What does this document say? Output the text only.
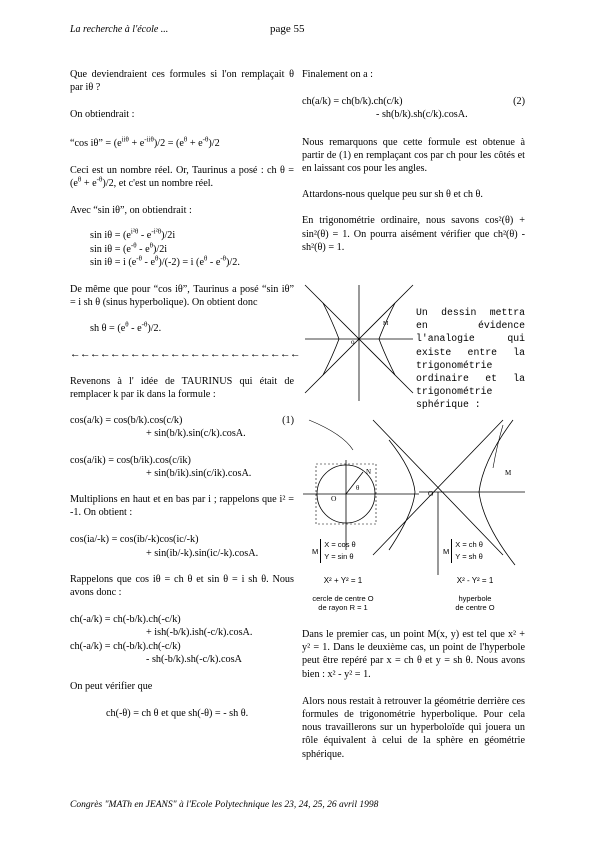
La recherche à l'école ...	page 55

Que deviendraient ces formules si l'on remplaçait θ par iθ ?

On obtiendrait :

“cos iθ” = $(e^{ii\theta} + e^{-ii\theta})/2 = (e^\theta + e^{-\theta})/2$

Ceci est un nombre réel. Or, Taurinus a posé : ch $\theta = (e^\theta + e^{-\theta})/2$, et c'est un nombre réel.

Avec “sin iθ”, on obtiendrait :

$\sin i\theta = (e^{i^2\theta} - e^{-i^2\theta})/2i$

$\sin i\theta = (e^{-\theta} - e^\theta)/2i$

sin iθ = i $(e^{-\theta} - e^\theta)/(-2) = i$ $(e^\theta - e^{-\theta})/2$.

De même que pour “cos iθ”, Taurinus a posé “sin iθ” = i sh θ (sinus hyperbolique). On obtient donc

sh $\theta = (e^\theta - e^{-\theta})/2$.

←←←←←←←←←←←←←←←←←←←←←←←

Revenons à l' idée de TAURINUS qui était de remplacer k par ik dans la formule :

cos(a/k) = cos(b/k).cos(c/k)	(1)

+ sin(b/k).sin(c/k).cosA.

cos(a/ik) = cos(b/ik).cos(c/ik)

+ sin(b/ik).sin(c/ik).cosA.

Multiplions en haut et en bas par i ; rappelons que i² = -1. On obtient :

cos(ia/-k) = cos(ib/-k)cos(ic/-k)

+ sin(ib/-k).sin(ic/-k).cosA.

Rappelons que cos iθ = ch θ et sin θ = i sh θ. Nous avons donc :

ch(-a/k) = ch(-b/k).ch(-c/k)

+ ish(-b/k).ish(-c/k).cosA.

ch(-a/k) = ch(-b/k).ch(-c/k)

- sh(-b/k).sh(-c/k).cosA

On peut vérifier que

ch(-θ) = ch θ et que sh(-θ) = - sh θ.

Finalement on a :

ch(a/k) = ch(b/k).ch(c/k)	(2)

- sh(b/k).sh(c/k).cosA.

Nous remarquons que cette formule est obtenue à partir de (1) en remplaçant cos par ch pour les côtés et en laissant cos pour les angles.

Attardons-nous quelque peu sur sh θ et ch θ.

En trigonométrie ordinaire, nous savons cos²(θ) + sin²(θ) = 1. On pourra aisément vérifier que ch²(θ) - sh²(θ) = 1.

o
M
Un dessin mettra en évidence l'analogie qui existe entre la trigonométrie ordinaire et la trigonométrie sphérique :
O
O
N
θ
M
M
X = cos θ
Y = sin θ
M
X = ch θ
Y = sh θ
X² + Y² = 1	X² - Y² = 1
cercle de centre O
de rayon R = 1
hyperbole
de centre O

Dans le premier cas, un point M(x, y) est tel que x² + y² = 1. Dans le deuxième cas, un point de l'hyperbole peut être repéré par x = ch θ et y = sh θ. Nous avons bien : x² - y² = 1.

Alors nous restait à retrouver la géométrie derrière ces formules de trigonométrie hyperbolique. Pour cela nous travaillerons sur un hyperboloïde qui jouera un rôle équivalent à celui de la sphère en géométrie sphérique.

Congrès "MATh en JEANS" à l'Ecole Polytechnique les 23, 24, 25, 26 avril 1998
